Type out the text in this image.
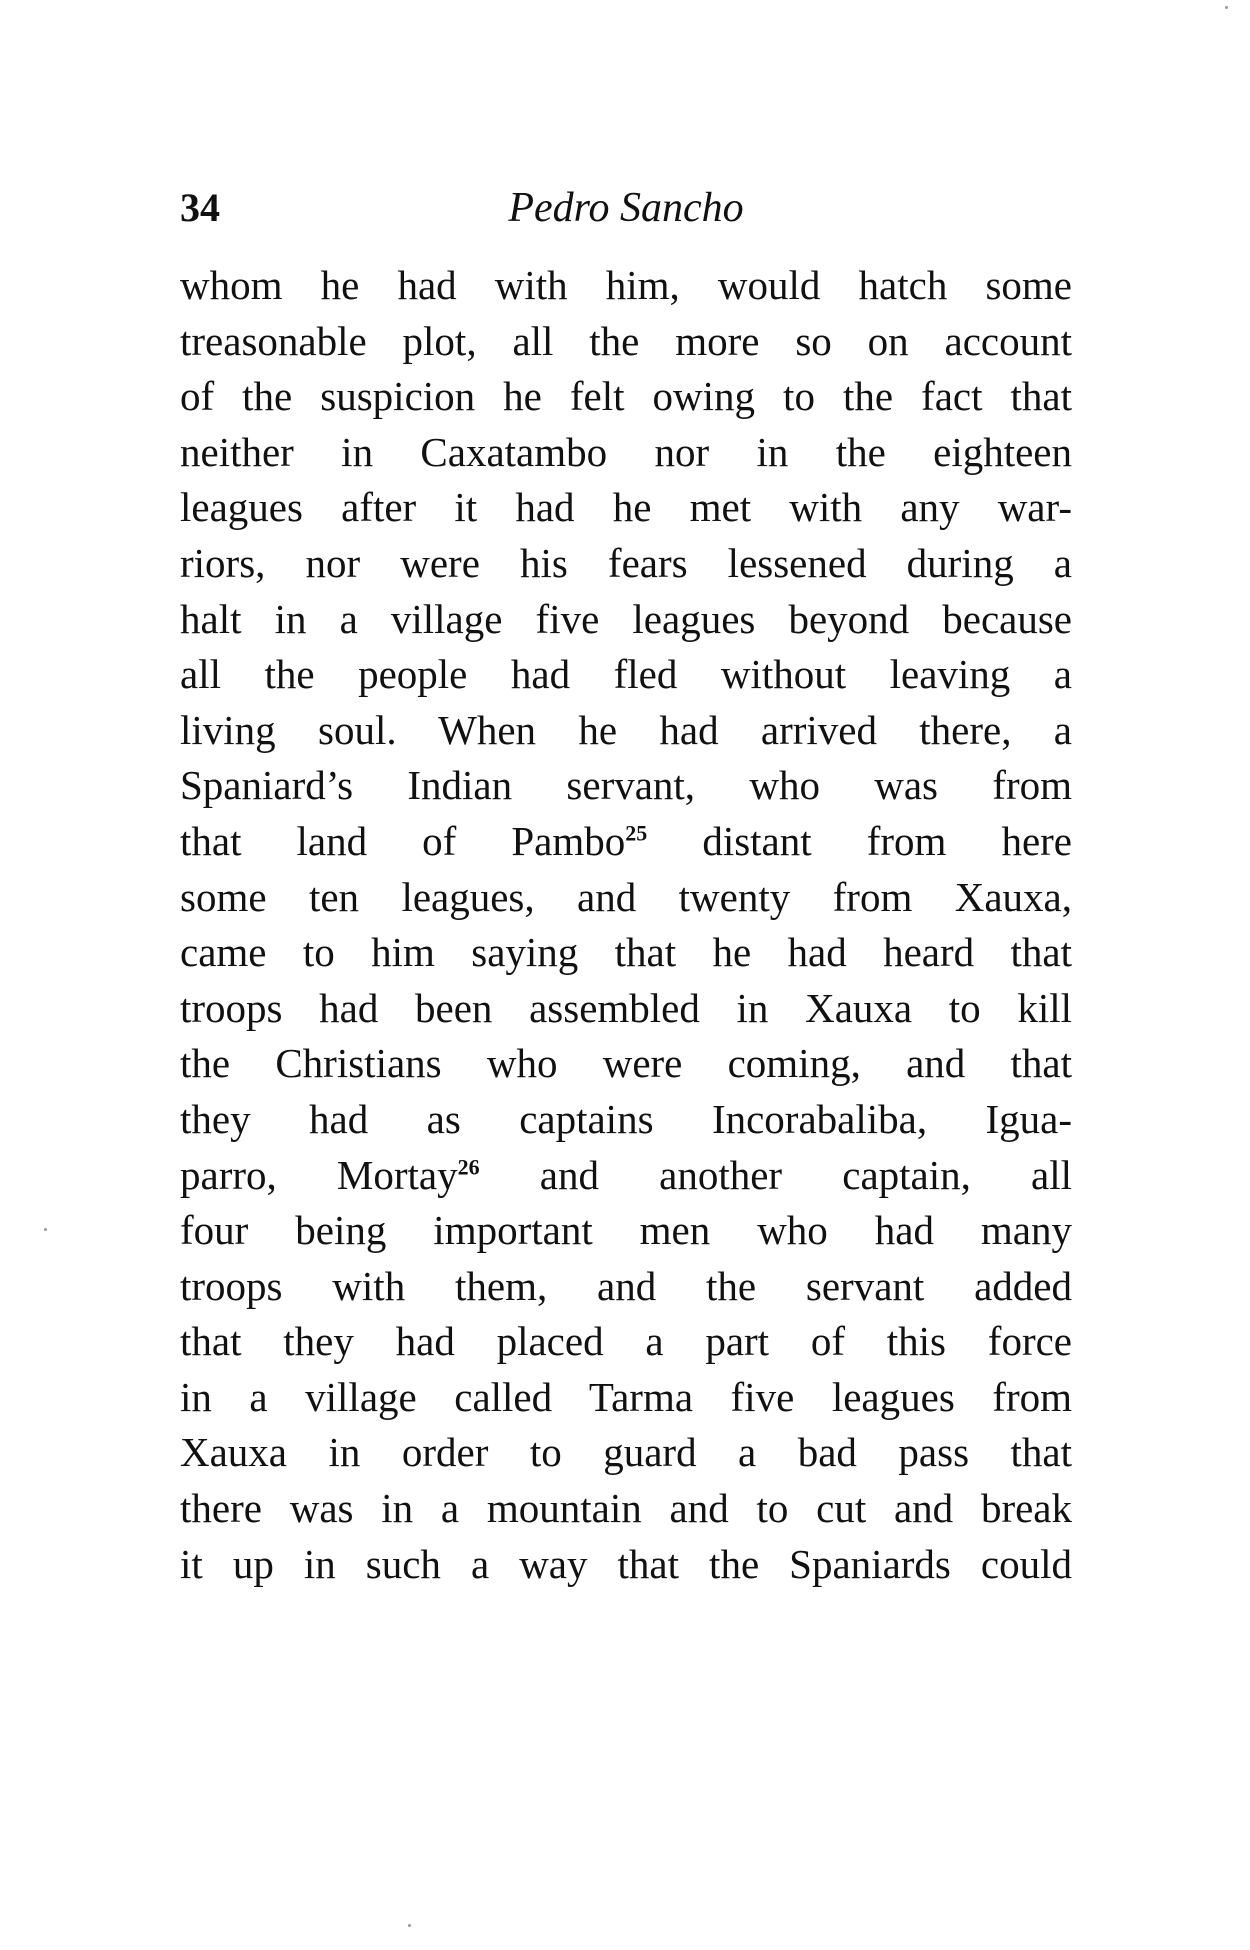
34	Pedro Sancho
whom he had with him, would hatch some
treasonable plot, all the more so on account
of the suspicion he felt owing to the fact that
neither in Caxatambo nor in the eighteen
leagues after it had he met with any war-
riors, nor were his fears lessened during a
halt in a village five leagues beyond because
all the people had fled without leaving a
living soul. When he had arrived there, a
Spaniard’s Indian servant, who was from
that land of Pambo$^{25}$ distant from here
some ten leagues, and twenty from Xauxa,
came to him saying that he had heard that
troops had been assembled in Xauxa to kill
the Christians who were coming, and that
they had as captains Incorabaliba, Igua-
parro, Mortay$^{26}$ and another captain, all
four being important men who had many
troops with them, and the servant added
that they had placed a part of this force
in a village called Tarma five leagues from
Xauxa in order to guard a bad pass that
there was in a mountain and to cut and break
it up in such a way that the Spaniards could
